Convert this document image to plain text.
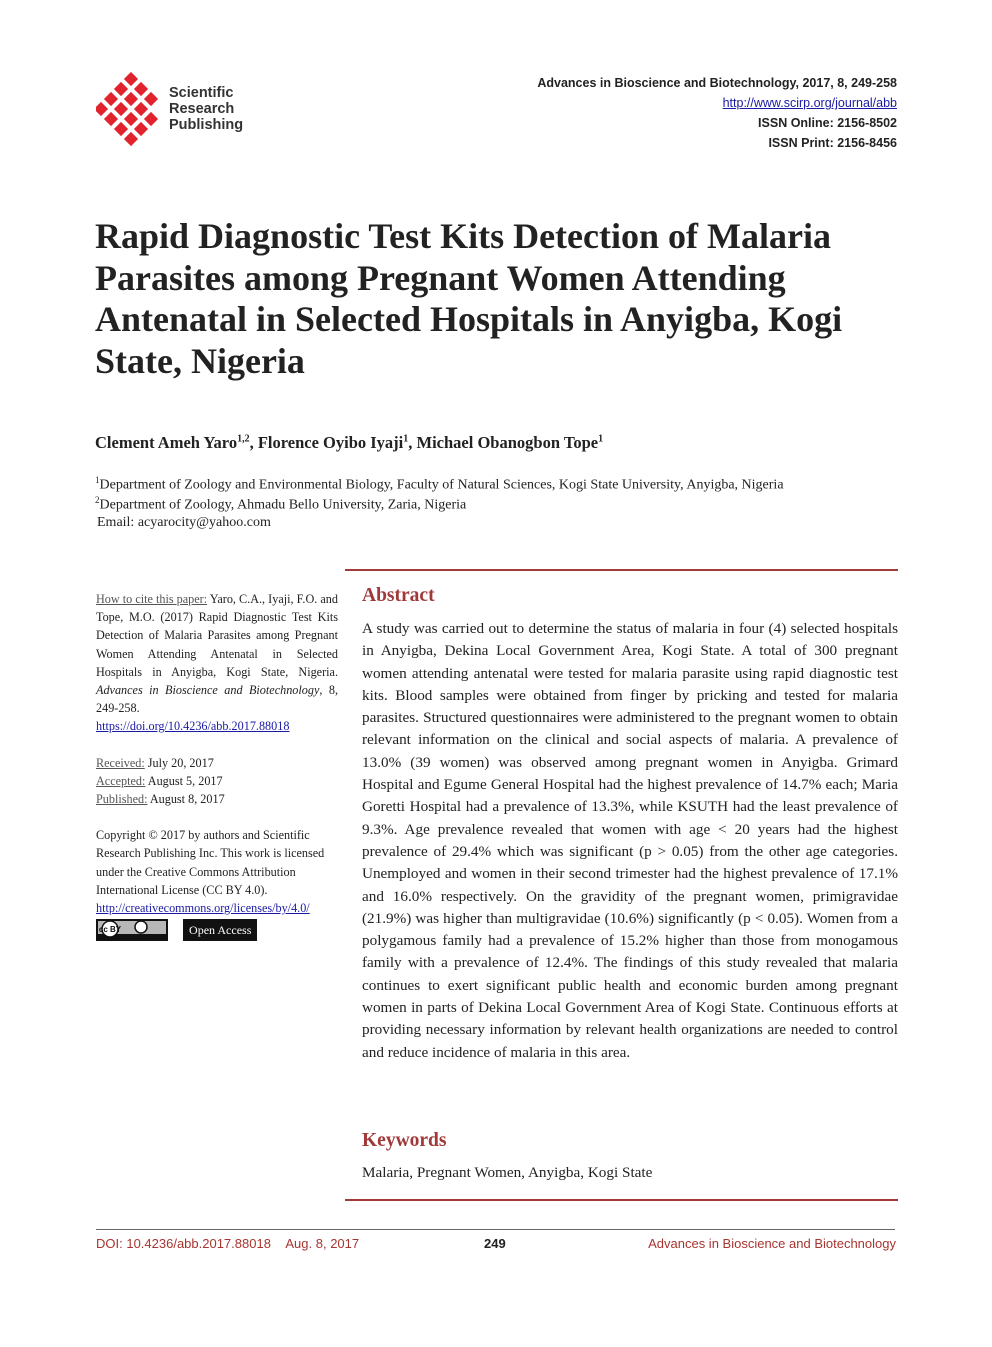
Scientific
Research
Publishing
Advances in Bioscience and Biotechnology, 2017, 8, 249-258
http://www.scirp.org/journal/abb
ISSN Online: 2156-8502
ISSN Print: 2156-8456
Rapid Diagnostic Test Kits Detection of Malaria Parasites among Pregnant Women Attending Antenatal in Selected Hospitals in Anyigba, Kogi State, Nigeria
Clement Ameh Yaro$^{1,2}$, Florence Oyibo Iyaji$^1$, Michael Obanogbon Tope$^1$
$^1$Department of Zoology and Environmental Biology, Faculty of Natural Sciences, Kogi State University, Anyigba, Nigeria
$^2$Department of Zoology, Ahmadu Bello University, Zaria, Nigeria
Email: acyarocity@yahoo.com
How to cite this paper: Yaro, C.A., Iyaji, F.O. and Tope, M.O. (2017) Rapid Diagnostic Test Kits Detection of Malaria Parasites among Pregnant Women Attending Antenatal in Selected Hospitals in Anyigba, Kogi State, Nigeria. Advances in Bioscience and Biotechnology, 8, 249-258.
https://doi.org/10.4236/abb.2017.88018
Received: July 20, 2017
Accepted: August 5, 2017
Published: August 8, 2017
Copyright © 2017 by authors and Scientific Research Publishing Inc. This work is licensed under the Creative Commons Attribution International License (CC BY 4.0).
http://creativecommons.org/licenses/by/4.0/
cc BY	Open Access
Abstract
A study was carried out to determine the status of malaria in four (4) selected hospitals in Anyigba, Dekina Local Government Area, Kogi State. A total of 300 pregnant women attending antenatal were tested for malaria parasite using rapid diagnostic test kits. Blood samples were obtained from finger by pricking and tested for malaria parasites. Structured questionnaires were administered to the pregnant women to obtain relevant information on the clinical and social aspects of malaria. A prevalence of 13.0% (39 women) was observed among pregnant women in Anyigba. Grimard Hospital and Egume General Hospital had the highest prevalence of 14.7% each; Maria Goretti Hospital had a prevalence of 13.3%, while KSUTH had the least prevalence of 9.3%. Age prevalence revealed that women with age < 20 years had the highest prevalence of 29.4% which was significant (p > 0.05) from the other age categories. Unemployed and women in their second trimester had the highest prevalence of 17.1% and 16.0% respectively. On the gravidity of the pregnant women, primigravidae (21.9%) was higher than multigravidae (10.6%) significantly (p < 0.05). Women from a polygamous family had a prevalence of 15.2% higher than those from monogamous family with a prevalence of 12.4%. The findings of this study revealed that malaria continues to exert significant public health and economic burden among pregnant women in parts of Dekina Local Government Area of Kogi State. Continuous efforts at providing necessary information by relevant health organizations are needed to control and reduce incidence of malaria in this area.
Keywords
Malaria, Pregnant Women, Anyigba, Kogi State
DOI: 10.4236/abb.2017.88018 Aug. 8, 2017	249	Advances in Bioscience and Biotechnology
